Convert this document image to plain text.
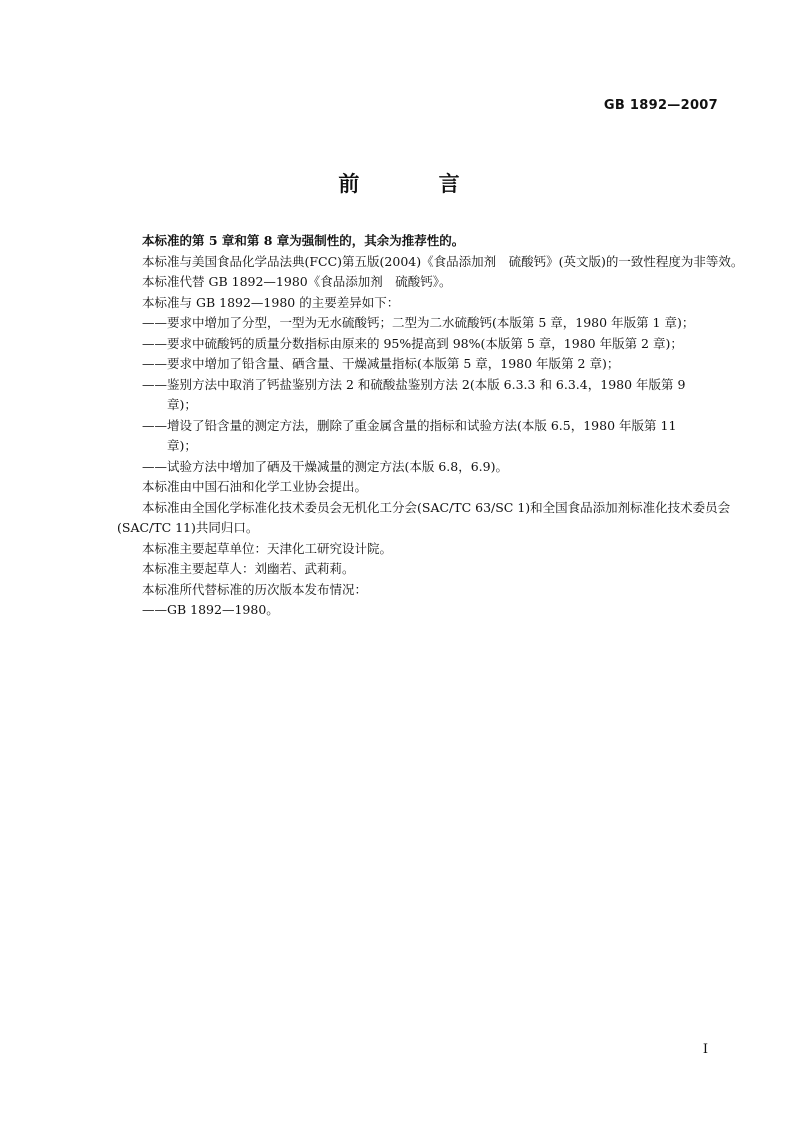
GB 1892—2007
前 言

本标准的第 5 章和第 8 章为强制性的，其余为推荐性的。

本标准与美国食品化学品法典(FCC)第五版(2004)《食品添加剂　硫酸钙》(英文版)的一致性程度为非等效。

本标准代替 GB 1892—1980《食品添加剂　硫酸钙》。

本标准与 GB 1892—1980 的主要差异如下：

——要求中增加了分型，一型为无水硫酸钙；二型为二水硫酸钙(本版第 5 章，1980 年版第 1 章)；
——要求中硫酸钙的质量分数指标由原来的 95%提高到 98%(本版第 5 章，1980 年版第 2 章)；
——要求中增加了铅含量、硒含量、干燥减量指标(本版第 5 章，1980 年版第 2 章)；
——鉴别方法中取消了钙盐鉴别方法 2 和硫酸盐鉴别方法 2(本版 6.3.3 和 6.3.4，1980 年版第 9
章)；
——增设了铅含量的测定方法，删除了重金属含量的指标和试验方法(本版 6.5，1980 年版第 11
章)；
——试验方法中增加了硒及干燥减量的测定方法(本版 6.8，6.9)。

本标准由中国石油和化学工业协会提出。

本标准由全国化学标准化技术委员会无机化工分会(SAC/TC 63/SC 1)和全国食品添加剂标准化技术委员会(SAC/TC 11)共同归口。

本标准主要起草单位：天津化工研究设计院。

本标准主要起草人：刘幽若、武莉莉。

本标准所代替标准的历次版本发布情况：

——GB 1892—1980。
I
